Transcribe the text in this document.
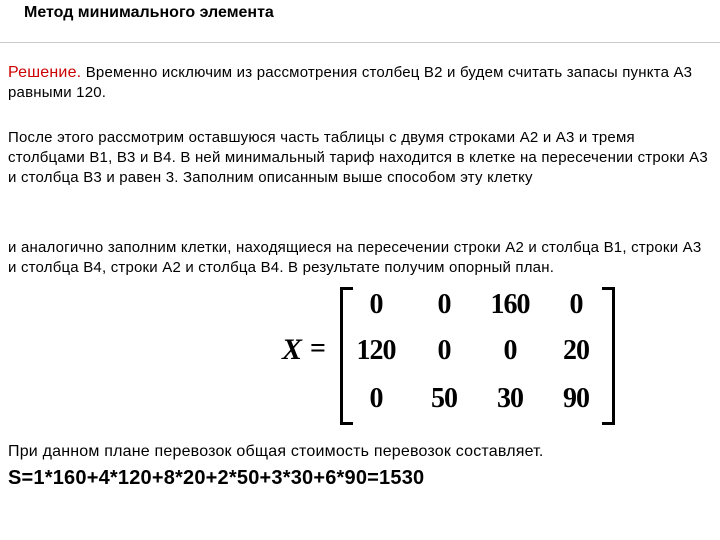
Метод минимального элемента
Решение. Временно исключим из рассмотрения столбец В2 и будем считать запасы пункта А3 равными 120.
После этого рассмотрим оставшуюся часть таблицы с двумя строками А2 и А3 и тремя столбцами В1, В3 и В4. В ней минимальный тариф находится в клетке на пересечении строки А3 и столбца В3 и равен 3. Заполним описанным выше способом эту клетку
и аналогично заполним клетки, находящиеся на пересечении строки А2 и столбца В1, строки А3 и столбца В4, строки А2 и столбца В4. В результате получим опорный план.
X =
0	0	160	0
120	0	0	20
0	50	30	90
При данном плане перевозок общая стоимость перевозок составляет.
S=1*160+4*120+8*20+2*50+3*30+6*90=1530
